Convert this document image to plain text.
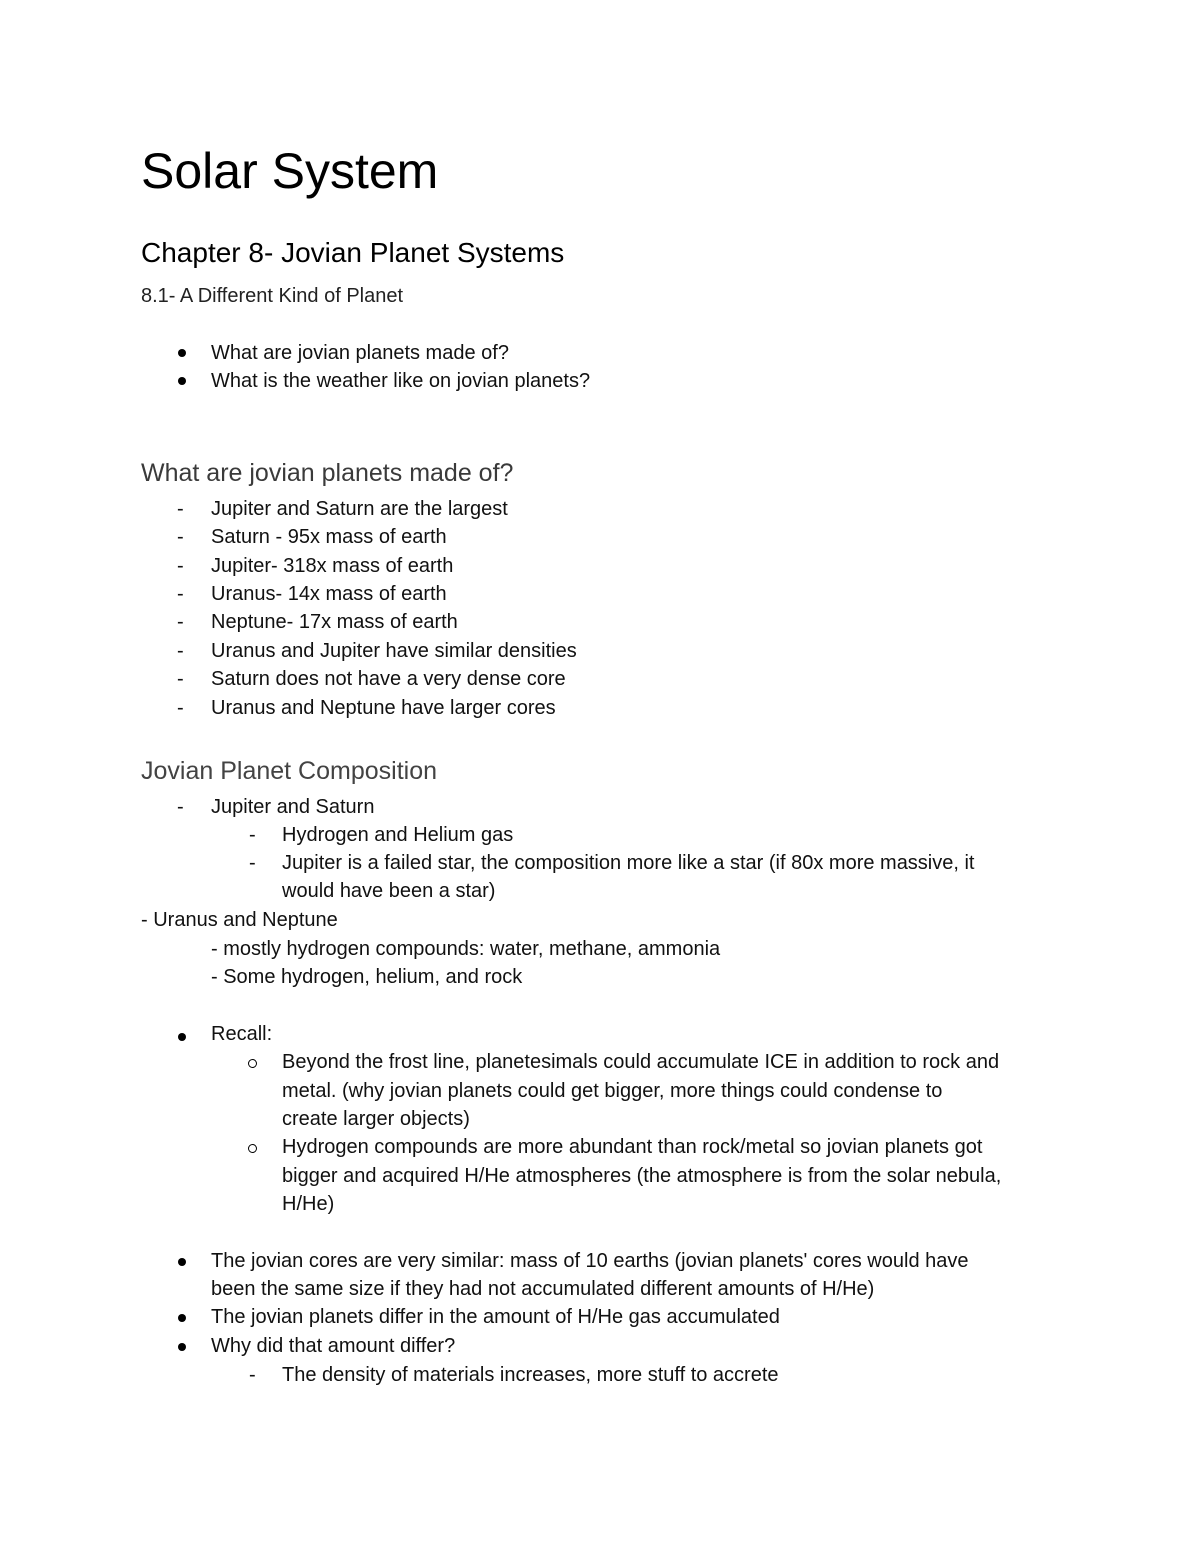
Solar System
Chapter 8- Jovian Planet Systems
8.1- A Different Kind of Planet
What are jovian planets made of?
What is the weather like on jovian planets?
What are jovian planets made of?
- Jupiter and Saturn are the largest
- Saturn - 95x mass of earth
- Jupiter- 318x mass of earth
- Uranus- 14x mass of earth
- Neptune- 17x mass of earth
- Uranus and Jupiter have similar densities
- Saturn does not have a very dense core
- Uranus and Neptune have larger cores
Jovian Planet Composition
- Jupiter and Saturn
- Hydrogen and Helium gas
- Jupiter is a failed star, the composition more like a star (if 80x more massive, it
would have been a star)
- Uranus and Neptune
- mostly hydrogen compounds: water, methane, ammonia
- Some hydrogen, helium, and rock
Recall:
Beyond the frost line, planetesimals could accumulate ICE in addition to rock and
metal. (why jovian planets could get bigger, more things could condense to
create larger objects)
Hydrogen compounds are more abundant than rock/metal so jovian planets got
bigger and acquired H/He atmospheres (the atmosphere is from the solar nebula,
H/He)
The jovian cores are very similar: mass of 10 earths (jovian planets' cores would have
been the same size if they had not accumulated different amounts of H/He)
The jovian planets differ in the amount of H/He gas accumulated
Why did that amount differ?
- The density of materials increases, more stuff to accrete
